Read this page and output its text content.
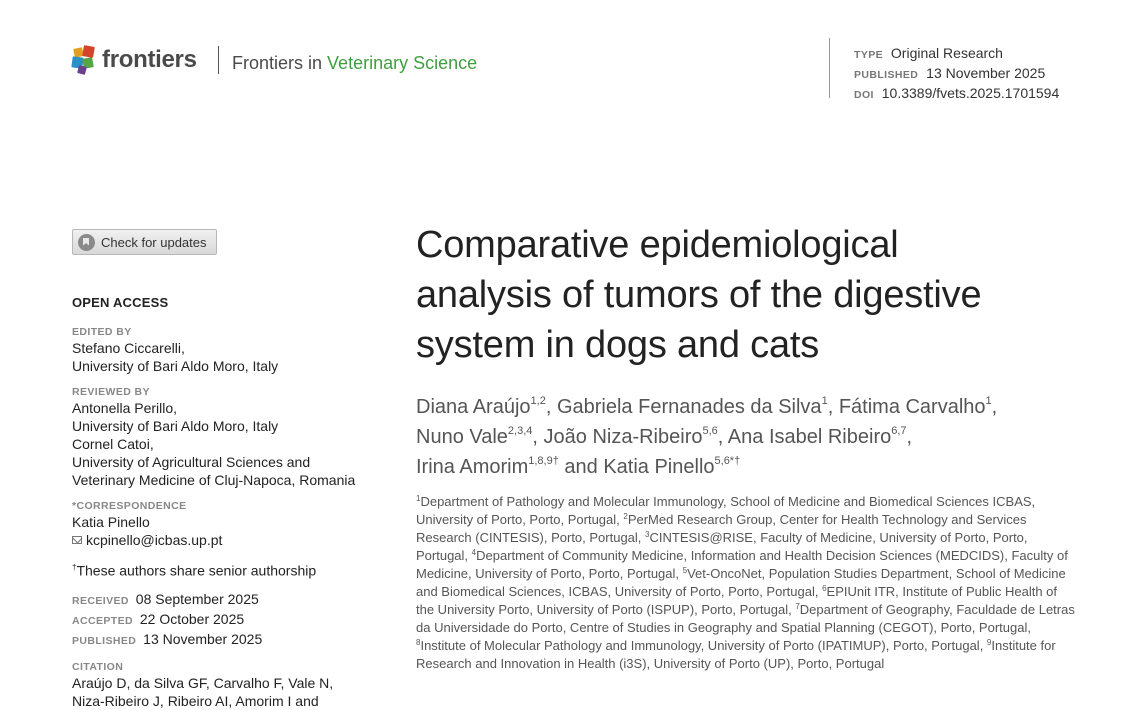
frontiers Frontiers in Veterinary Science	TYPE Original Research
PUBLISHED 13 November 2025
DOI 10.3389/fvets.2025.1701594
Check for updates
OPEN ACCESS
EDITED BY
Stefano Ciccarelli,
University of Bari Aldo Moro, Italy
REVIEWED BY
Antonella Perillo,
University of Bari Aldo Moro, Italy
Cornel Catoi,
University of Agricultural Sciences and
Veterinary Medicine of Cluj-Napoca, Romania
*CORRESPONDENCE
Katia Pinello
kcpinello@icbas.up.pt
†These authors share senior authorship
RECEIVED 08 September 2025
ACCEPTED 22 October 2025
PUBLISHED 13 November 2025
CITATION
Araújo D, da Silva GF, Carvalho F, Vale N,
Niza-Ribeiro J, Ribeiro AI, Amorim I and
Comparative epidemiological
analysis of tumors of the digestive
system in dogs and cats
Diana Araújo$^{1,2}$, Gabriela Fernanades da Silva$^1$, Fátima Carvalho$^1$,
Nuno Vale$^{2,3,4}$, João Niza-Ribeiro$^{5,6}$, Ana Isabel Ribeiro$^{6,7}$,
Irina Amorim$^{1,8,9\dagger}$ and Katia Pinello$^{5,6*\dagger}$
$^1$Department of Pathology and Molecular Immunology, School of Medicine and Biomedical Sciences ICBAS, University of Porto, Porto, Portugal, $^2$PerMed Research Group, Center for Health Technology and Services Research (CINTESIS), Porto, Portugal, $^3$CINTESIS@RISE, Faculty of Medicine, University of Porto, Porto, Portugal, $^4$Department of Community Medicine, Information and Health Decision Sciences (MEDCIDS), Faculty of Medicine, University of Porto, Porto, Portugal, $^5$Vet-OncoNet, Population Studies Department, School of Medicine and Biomedical Sciences, ICBAS, University of Porto, Porto, Portugal, $^6$EPIUnit ITR, Institute of Public Health of the University Porto, University of Porto (ISPUP), Porto, Portugal, $^7$Department of Geography, Faculdade de Letras da Universidade do Porto, Centre of Studies in Geography and Spatial Planning (CEGOT), Porto, Portugal, $^8$Institute of Molecular Pathology and Immunology, University of Porto (IPATIMUP), Porto, Portugal, $^9$Institute for Research and Innovation in Health (i3S), University of Porto (UP), Porto, Portugal
